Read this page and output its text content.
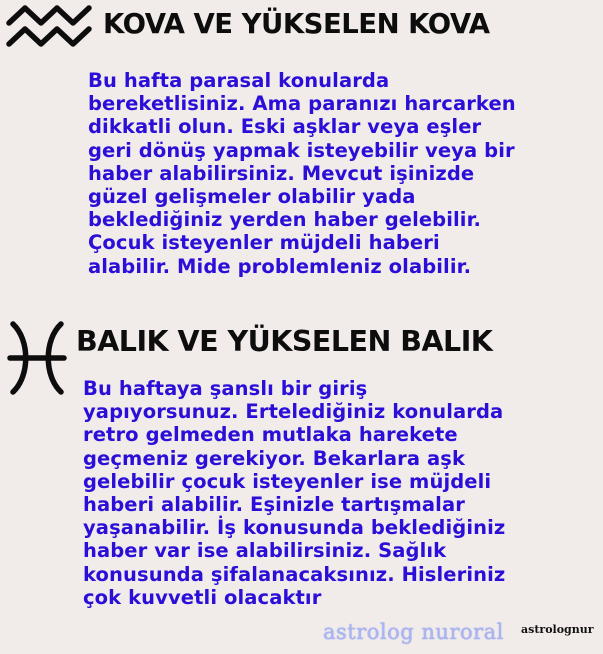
KOVA VE YÜKSELEN KOVA

Bu hafta parasal konularda
bereketlisiniz. Ama paranızı harcarken
dikkatli olun. Eski aşklar veya eşler
geri dönüş yapmak isteyebilir veya bir
haber alabilirsiniz. Mevcut işinizde
güzel gelişmeler olabilir yada
beklediğiniz yerden haber gelebilir.
Çocuk isteyenler müjdeli haberi
alabilir. Mide problemleniz olabilir.

BALIK VE YÜKSELEN BALIK

Bu haftaya şanslı bir giriş
yapıyorsunuz. Ertelediğiniz konularda
retro gelmeden mutlaka harekete
geçmeniz gerekiyor. Bekarlara aşk
gelebilir çocuk isteyenler ise müjdeli
haberi alabilir. Eşinizle tartışmalar
yaşanabilir. İş konusunda beklediğiniz
haber var ise alabilirsiniz. Sağlık
konusunda şifalanacaksınız. Hisleriniz
çok kuvvetli olacaktır

astrolog nuroral astrolognur
